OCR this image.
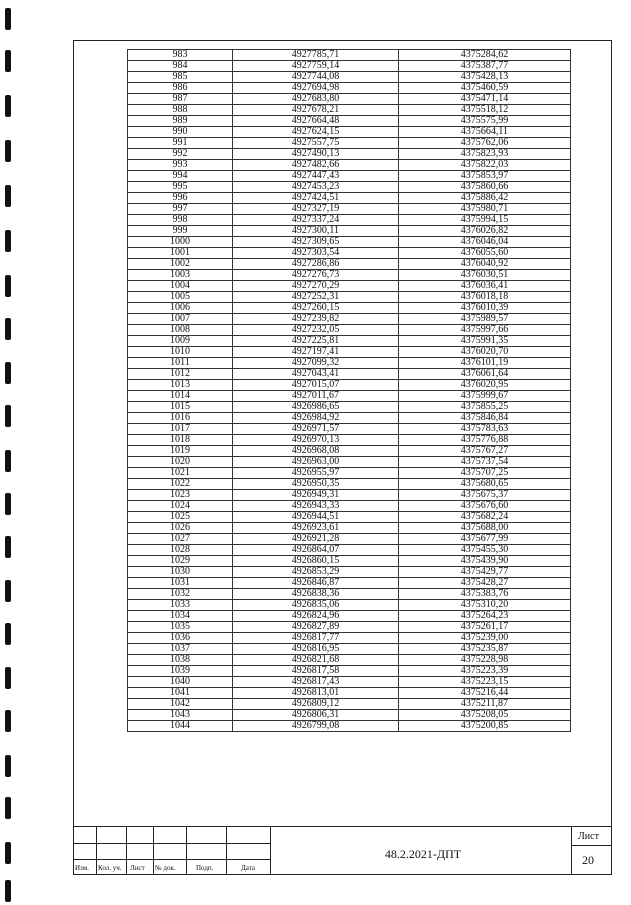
983	4927785,71	4375284,62
984	4927759,14	4375387,77
985	4927744,08	4375428,13
986	4927694,98	4375460,59
987	4927683,80	4375471,14
988	4927678,21	4375518,12
989	4927664,48	4375575,99
990	4927624,15	4375664,11
991	4927557,75	4375762,06
992	4927490,13	4375823,93
993	4927482,66	4375822,03
994	4927447,43	4375853,97
995	4927453,23	4375860,66
996	4927424,51	4375886,42
997	4927327,19	4375980,71
998	4927337,24	4375994,15
999	4927300,11	4376026,82
1000	4927309,65	4376046,04
1001	4927303,54	4376055,60
1002	4927286,86	4376040,92
1003	4927276,73	4376030,51
1004	4927270,29	4376036,41
1005	4927252,31	4376018,18
1006	4927260,15	4376010,39
1007	4927239,82	4375989,57
1008	4927232,05	4375997,66
1009	4927225,81	4375991,35
1010	4927197,41	4376020,70
1011	4927099,32	4376101,19
1012	4927043,41	4376061,64
1013	4927015,07	4376020,95
1014	4927011,67	4375999,67
1015	4926986,65	4375855,25
1016	4926984,92	4375846,84
1017	4926971,57	4375783,63
1018	4926970,13	4375776,88
1019	4926968,08	4375767,27
1020	4926963,00	4375737,54
1021	4926955,97	4375707,25
1022	4926950,35	4375680,65
1023	4926949,31	4375675,37
1024	4926943,33	4375676,60
1025	4926944,51	4375682,24
1026	4926923,61	4375688,00
1027	4926921,28	4375677,99
1028	4926864,07	4375455,30
1029	4926860,15	4375439,90
1030	4926853,29	4375429,77
1031	4926846,87	4375428,27
1032	4926838,36	4375383,76
1033	4926835,06	4375310,20
1034	4926824,96	4375264,23
1035	4926827,89	4375261,17
1036	4926817,77	4375239,00
1037	4926816,95	4375235,87
1038	4926821,68	4375228,98
1039	4926817,58	4375223,39
1040	4926817,43	4375223,15
1041	4926813,01	4375216,44
1042	4926809,12	4375211,87
1043	4926806,31	4375208,05
1044	4926799,08	4375200,85
Изм. Кол. уч. Лист № док.	Подп.	Дата
48.2.2021-ДПТ
Лист
20
